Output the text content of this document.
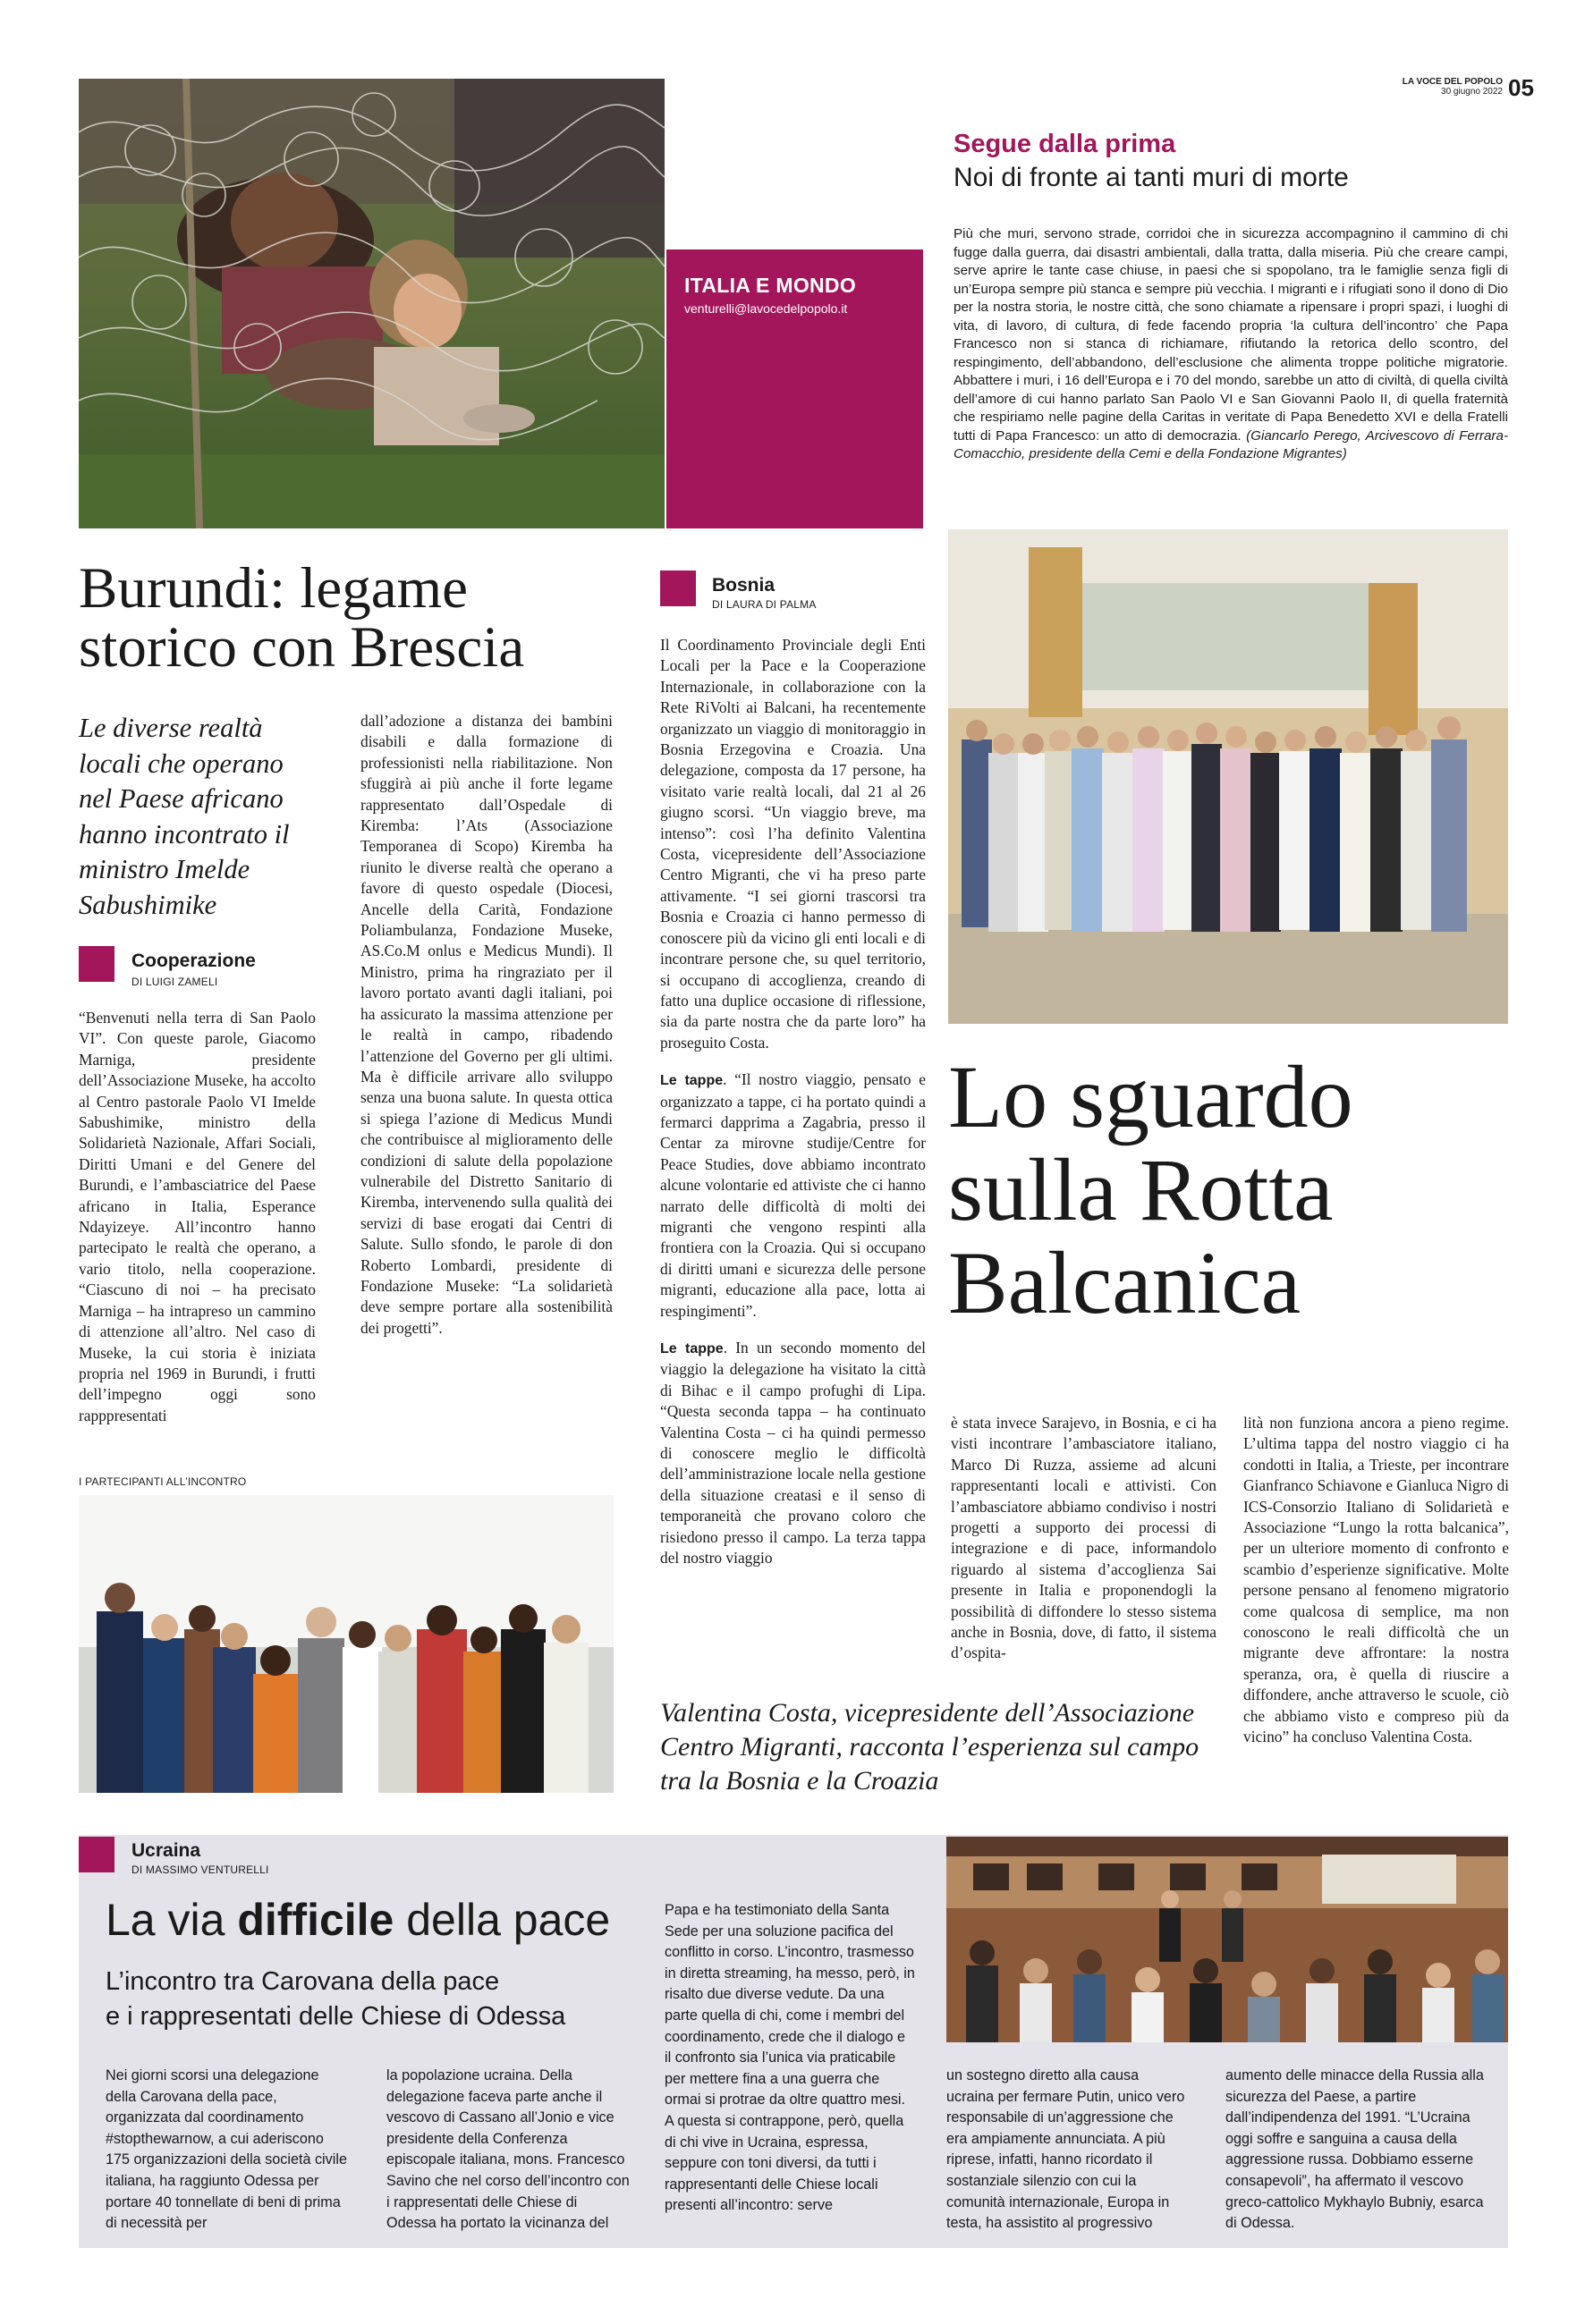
LA VOCE DEL POPOLO
30 giugno 2022 05
ITALIA E MONDO
venturelli@lavocedelpopolo.it
Segue dalla prima
Noi di fronte ai tanti muri di morte
Più che muri, servono strade, corridoi che in sicurezza accompagnino il cammino di chi fugge dalla guerra, dai disastri ambientali, dalla tratta, dalla miseria. Più che creare campi, serve aprire le tante case chiuse, in paesi che si spopolano, tra le famiglie senza figli di un’Europa sempre più stanca e sempre più vecchia. I migranti e i rifugiati sono il dono di Dio per la nostra storia, le nostre città, che sono chiamate a ripensare i propri spazi, i luoghi di vita, di lavoro, di cultura, di fede facendo propria ‘la cultura dell’incontro’ che Papa Francesco non si stanca di richiamare, rifiutando la retorica dello scontro, del respingimento, dell’abbandono, dell’esclusione che alimenta troppe politiche migratorie. Abbattere i muri, i 16 dell’Europa e i 70 del mondo, sarebbe un atto di civiltà, di quella civiltà dell’amore di cui hanno parlato San Paolo VI e San Giovanni Paolo II, di quella fraternità che respiriamo nelle pagine della Caritas in veritate di Papa Benedetto XVI e della Fratelli tutti di Papa Francesco: un atto di democrazia. (Giancarlo Perego, Arcivescovo di Ferrara-Comacchio, presidente della Cemi e della Fondazione Migrantes)
Burundi: legame
storico con Brescia
Le diverse realtà locali che operano nel Paese africano hanno incontrato il ministro Imelde Sabushimike
Cooperazione
DI LUIGI ZAMELI
“Benvenuti nella terra di San Paolo VI”. Con queste parole, Giacomo Marniga, presidente dell’Associazione Museke, ha accolto al Centro pastorale Paolo VI Imelde Sabushimike, ministro della Solidarietà Nazionale, Affari Sociali, Diritti Umani e del Genere del Burundi, e l’ambasciatrice del Paese africano in Italia, Esperance Ndayizeye. All’incontro hanno partecipato le realtà che operano, a vario titolo, nella cooperazione. “Ciascuno di noi – ha precisato Marniga – ha intrapreso un cammino di attenzione all’altro. Nel caso di Museke, la cui storia è iniziata propria nel 1969 in Burundi, i frutti dell’impegno oggi sono rapppresentati
dall’adozione a distanza dei bambini disabili e dalla formazione di professionisti nella riabilitazione. Non sfuggirà ai più anche il forte legame rappresentato dall’Ospedale di Kiremba: l’Ats (Associazione Temporanea di Scopo) Kiremba ha riunito le diverse realtà che operano a favore di questo ospedale (Diocesi, Ancelle della Carità, Fondazione Poliambulanza, Fondazione Museke, AS.Co.M onlus e Medicus Mundi). Il Ministro, prima ha ringraziato per il lavoro portato avanti dagli italiani, poi ha assicurato la massima attenzione per le realtà in campo, ribadendo l’attenzione del Governo per gli ultimi. Ma è difficile arrivare allo sviluppo senza una buona salute. In questa ottica si spiega l’azione di Medicus Mundi che contribuisce al miglioramento delle condizioni di salute della popolazione vulnerabile del Distretto Sanitario di Kiremba, intervenendo sulla qualità dei servizi di base erogati dai Centri di Salute. Sullo sfondo, le parole di don Roberto Lombardi, presidente di Fondazione Museke: “La solidarietà deve sempre portare alla sostenibilità dei progetti”.
I PARTECIPANTI ALL’INCONTRO
Bosnia
DI LAURA DI PALMA

Il Coordinamento Provinciale degli Enti Locali per la Pace e la Cooperazione Internazionale, in collaborazione con la Rete RiVolti ai Balcani, ha recentemente organizzato un viaggio di monitoraggio in Bosnia Erzegovina e Croazia. Una delegazione, composta da 17 persone, ha visitato varie realtà locali, dal 21 al 26 giugno scorsi. “Un viaggio breve, ma intenso”: così l’ha definito Valentina Costa, vicepresidente dell’Associazione Centro Migranti, che vi ha preso parte attivamente. “I sei giorni trascorsi tra Bosnia e Croazia ci hanno permesso di conoscere più da vicino gli enti locali e di incontrare persone che, su quel territorio, si occupano di accoglienza, creando di fatto una duplice occasione di riflessione, sia da parte nostra che da parte loro” ha proseguito Costa.

Le tappe. “Il nostro viaggio, pensato e organizzato a tappe, ci ha portato quindi a fermarci dapprima a Zagabria, presso il Centar za mirovne studije/Centre for Peace Studies, dove abbiamo incontrato alcune volontarie ed attiviste che ci hanno narrato delle difficoltà di molti dei migranti che vengono respinti alla frontiera con la Croazia. Qui si occupano di diritti umani e sicurezza delle persone migranti, educazione alla pace, lotta ai respingimenti”.

Le tappe. In un secondo momento del viaggio la delegazione ha visitato la città di Bihac e il campo profughi di Lipa. “Questa seconda tappa – ha continuato Valentina Costa – ci ha quindi permesso di conoscere meglio le difficoltà dell’amministrazione locale nella gestione della situazione creatasi e il senso di temporaneità che provano coloro che risiedono presso il campo. La terza tappa del nostro viaggio

Lo sguardo
sulla Rotta
Balcanica
è stata invece Sarajevo, in Bosnia, e ci ha visti incontrare l’ambasciatore italiano, Marco Di Ruzza, assieme ad alcuni rappresentanti locali e attivisti. Con l’ambasciatore abbiamo condiviso i nostri progetti a supporto dei processi di integrazione e di pace, informandolo riguardo al sistema d’accoglienza Sai presente in Italia e proponendogli la possibilità di diffondere lo stesso sistema anche in Bosnia, dove, di fatto, il sistema d’ospita-
lità non funziona ancora a pieno regime. L’ultima tappa del nostro viaggio ci ha condotti in Italia, a Trieste, per incontrare Gianfranco Schiavone e Gianluca Nigro di ICS-Consorzio Italiano di Solidarietà e Associazione “Lungo la rotta balcanica”, per un ulteriore momento di confronto e scambio d’esperienze significative. Molte persone pensano al fenomeno migratorio come qualcosa di semplice, ma non conoscono le reali difficoltà che un migrante deve affrontare: la nostra speranza, ora, è quella di riuscire a diffondere, anche attraverso le scuole, ciò che abbiamo visto e compreso più da vicino” ha concluso Valentina Costa.
Valentina Costa, vicepresidente dell’Associazione Centro Migranti, racconta l’esperienza sul campo tra la Bosnia e la Croazia
Ucraina
DI MASSIMO VENTURELLI
La via difficile della pace
L’incontro tra Carovana della pace
e i rappresentati delle Chiese di Odessa
Nei giorni scorsi una delegazione della Carovana della pace, organizzata dal coordinamento #stopthewarnow, a cui aderiscono 175 organizzazioni della società civile italiana, ha raggiunto Odessa per portare 40 tonnellate di beni di prima di necessità per
la popolazione ucraina. Della delegazione faceva parte anche il vescovo di Cassano all’Jonio e vice presidente della Conferenza episcopale italiana, mons. Francesco Savino che nel corso dell’incontro con i rappresentati delle Chiese di Odessa ha portato la vicinanza del
Papa e ha testimoniato della Santa Sede per una soluzione pacifica del conflitto in corso. L’incontro, trasmesso in diretta streaming, ha messo, però, in risalto due diverse vedute. Da una parte quella di chi, come i membri del coordinamento, crede che il dialogo e il confronto sia l’unica via praticabile per mettere fina a una guerra che ormai si protrae da oltre quattro mesi. A questa si contrappone, però, quella di chi vive in Ucraina, espressa, seppure con toni diversi, da tutti i rappresentanti delle Chiese locali presenti all’incontro: serve
un sostegno diretto alla causa ucraina per fermare Putin, unico vero responsabile di un’aggressione che era ampiamente annunciata. A più riprese, infatti, hanno ricordato il sostanziale silenzio con cui la comunità internazionale, Europa in testa, ha assistito al progressivo
aumento delle minacce della Russia alla sicurezza del Paese, a partire dall’indipendenza del 1991. “L’Ucraina oggi soffre e sanguina a causa della aggressione russa. Dobbiamo esserne consapevoli”, ha affermato il vescovo greco-cattolico Mykhaylo Bubniy, esarca di Odessa.
